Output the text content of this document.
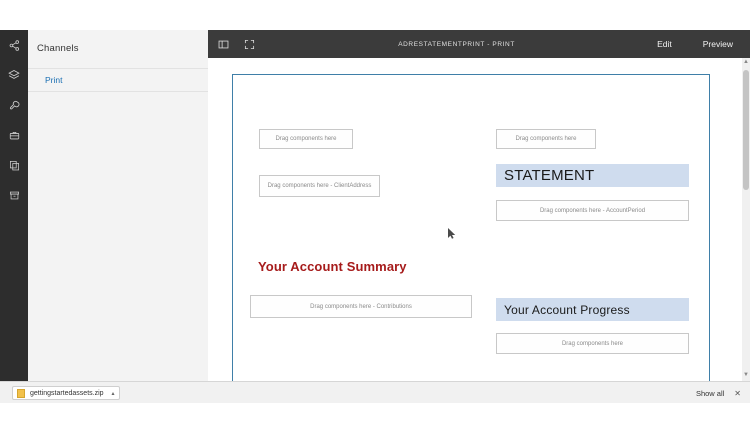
Channels
Print
ADRESTATEMENTPRINT - PRINT	Edit	Preview
Drag components here	Drag components here
Drag components here - ClientAddress
STATEMENT
Drag components here - AccountPeriod
Your Account Summary
Drag components here - Contributions	Your Account Progress
Drag components here
▲
▼
gettingstartedassets.zip ▴	Show all ✕
